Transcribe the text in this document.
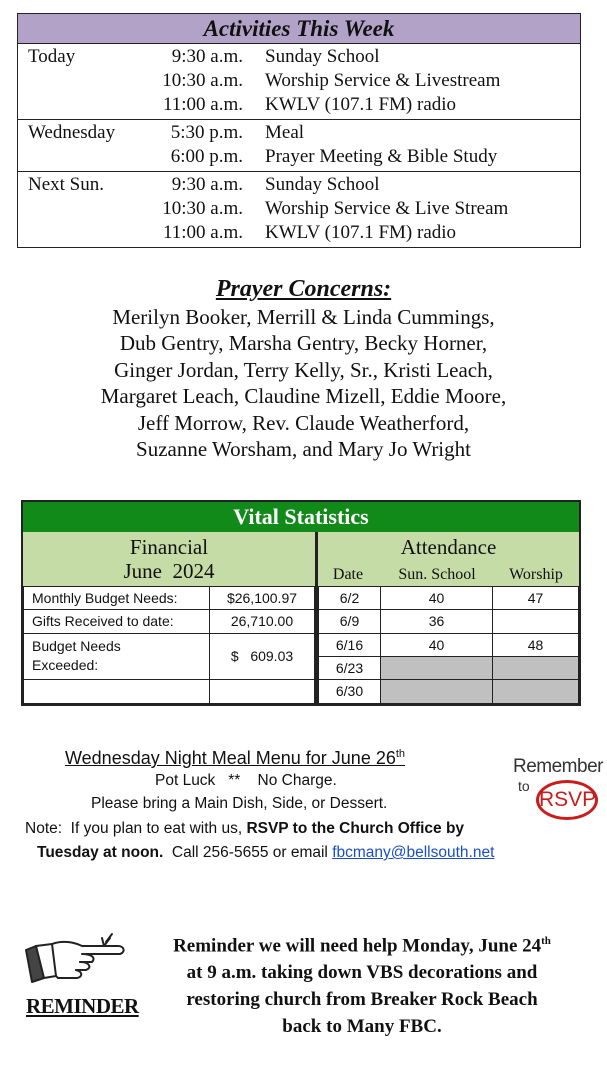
Activities This Week
Today	9:30 a.m.	Sunday School
10:30 a.m.	Worship Service & Livestream
11:00 a.m.	KWLV (107.1 FM) radio
Wednesday	5:30 p.m.	Meal
6:00 p.m.	Prayer Meeting & Bible Study
Next Sun.	9:30 a.m.	Sunday School
10:30 a.m.	Worship Service & Live Stream
11:00 a.m.	KWLV (107.1 FM) radio
Prayer Concerns:
Merilyn Booker, Merrill & Linda Cummings,
Dub Gentry, Marsha Gentry, Becky Horner,
Ginger Jordan, Terry Kelly, Sr., Kristi Leach,
Margaret Leach, Claudine Mizell, Eddie Moore,
Jeff Morrow, Rev. Claude Weatherford,
Suzanne Worsham, and Mary Jo Wright
Vital Statistics
Financial
June  2024
Attendance
Date	Sun. School	Worship
Monthly Budget Needs:	$26,100.97
Gifts Received to date:	26,710.00
Budget Needs
Exceeded:
$   609.03
6/2	40	47
6/9	36
6/16	40	48
6/23
6/30
Wednesday Night Meal Menu for June 26th
Pot Luck   **    No Charge.
Please bring a Main Dish, Side, or Dessert.
Note:  If you plan to eat with us, RSVP to the Church Office by
Tuesday at noon.  Call 256-5655 or email fbcmany@bellsouth.net
Remember
to
RSVP
REMINDER
Reminder we will need help Monday, June 24th
at 9 a.m. taking down VBS decorations and
restoring church from Breaker Rock Beach
back to Many FBC.
